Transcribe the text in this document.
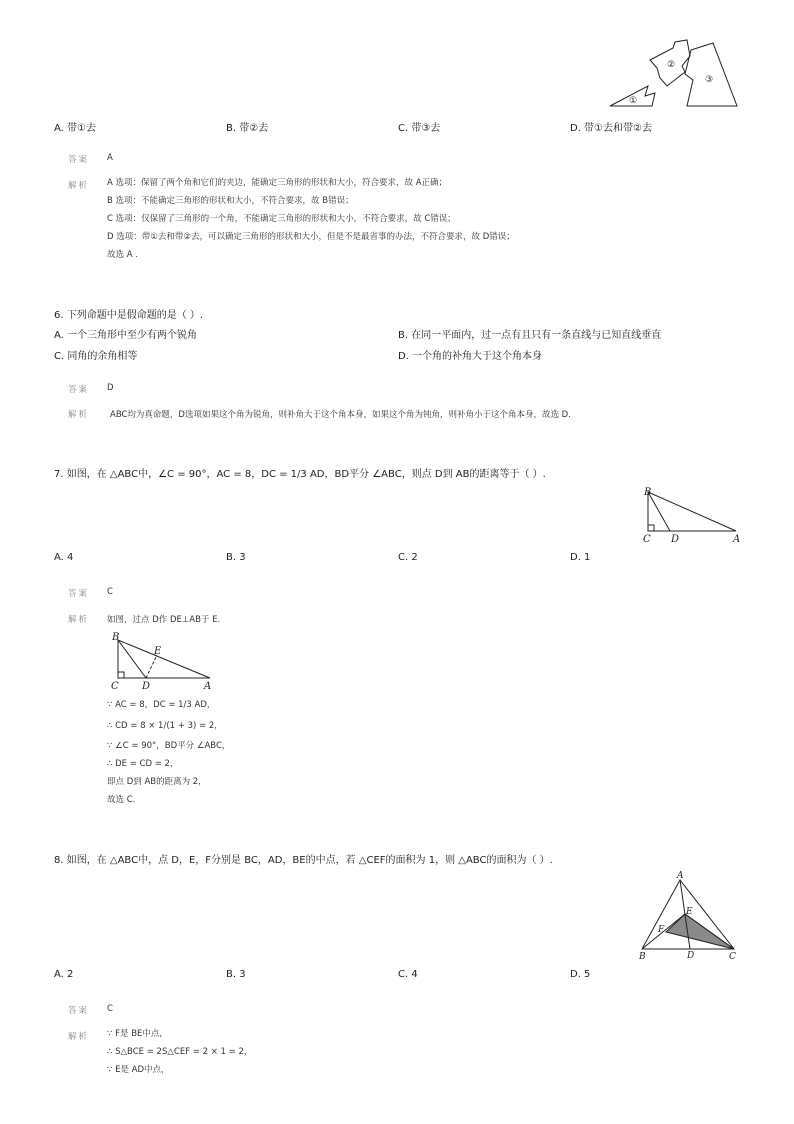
①
②
③
A. 带①去	B. 带②去	C. 带③去	D. 带①去和带②去
答案 A
解析 A 选项：保留了两个角和它们的夹边，能确定三角形的形状和大小，符合要求，故 A正确；
B 选项：不能确定三角形的形状和大小，不符合要求，故 B错误；
C 选项：仅保留了三角形的一个角，不能确定三角形的形状和大小，不符合要求，故 C错误；
D 选项：带①去和带②去，可以确定三角形的形状和大小，但是不是最省事的办法，不符合要求，故 D错误；
故选 A .
6. 下列命题中是假命题的是（ ）.
A. 一个三角形中至少有两个锐角	B. 在同一平面内，过一点有且只有一条直线与已知直线垂直
C. 同角的余角相等	D. 一个角的补角大于这个角本身
答案 D
解析 ABC均为真命题，D选项如果这个角为锐角，则补角大于这个角本身，如果这个角为钝角，则补角小于这个角本身，故选 D.
7. 如图，在 △ABC中，∠C = 90°，AC = 8，DC = 1/3 AD，BD平分 ∠ABC，则点 D到 AB的距离等于（ ）.
B
C D	A
A. 4	B. 3	C. 2	D. 1
答案 C
解析 如图，过点 D作 DE⊥AB于 E.
B
E
C D	A
∵ AC = 8，DC = 1/3 AD，
∴ CD = 8 × 1/(1 + 3) = 2，
∵ ∠C = 90°，BD平分 ∠ABC，
∴ DE = CD = 2，
即点 D到 AB的距离为 2，
故选 C.
8. 如图，在 △ABC中，点 D，E，F分别是 BC，AD，BE的中点，若 △CEF的面积为 1，则 △ABC的面积为（ ）.
A
E
F
B	D	C
A. 2	B. 3	C. 4	D. 5
答案 C
解析 ∵ F是 BE中点，
∴ S△BCE = 2S△CEF = 2 × 1 = 2，
∵ E是 AD中点，
